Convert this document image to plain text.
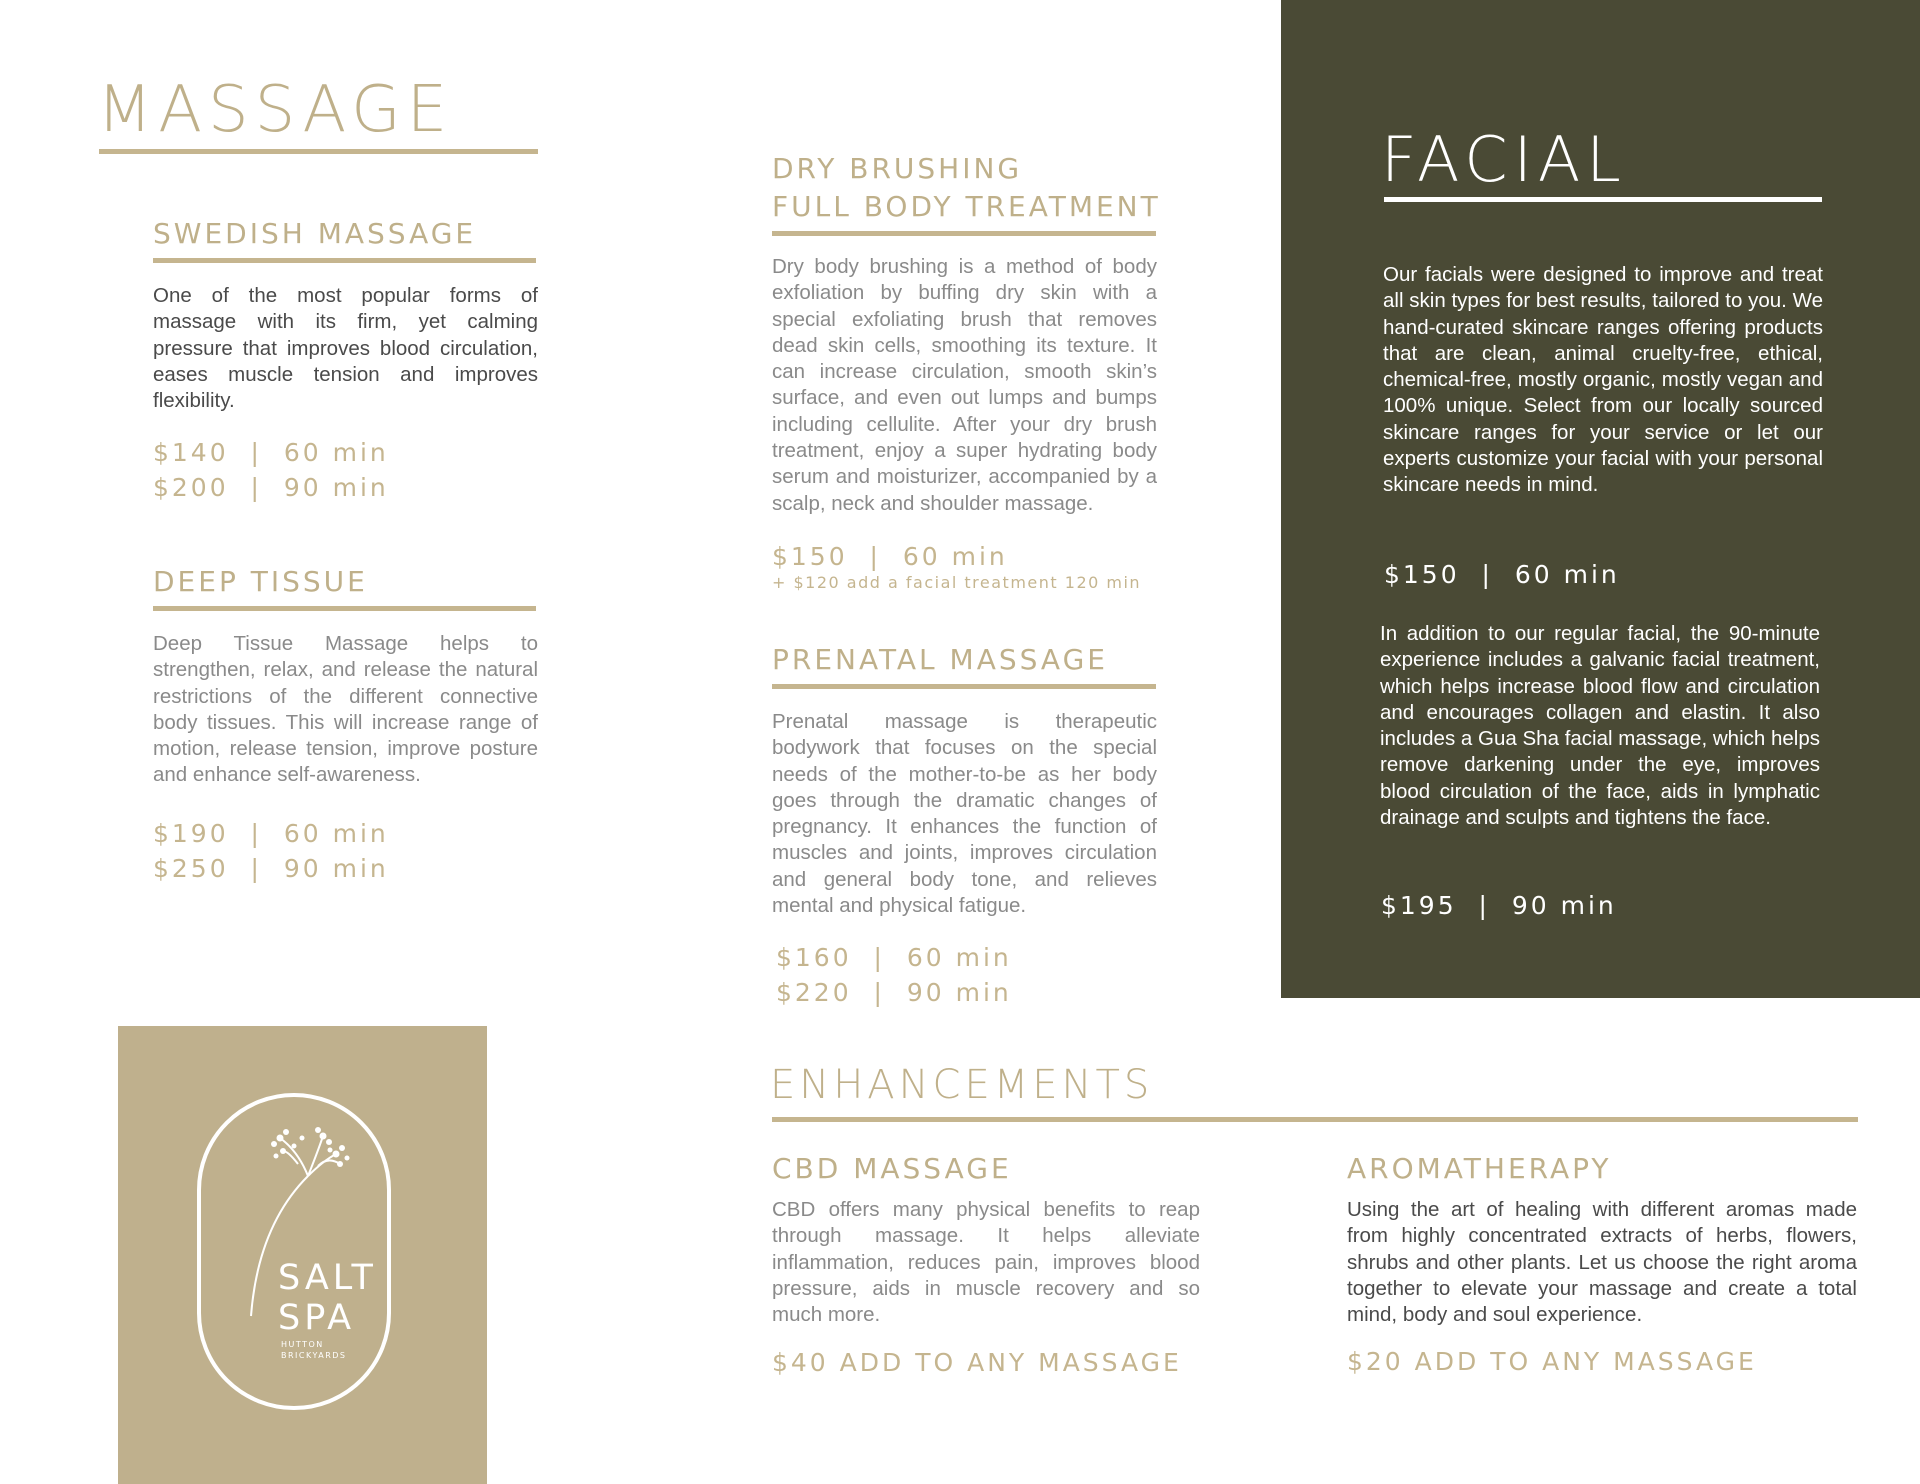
MASSAGE
SWEDISH MASSAGE
One of the most popular forms of massage with its firm, yet calming pressure that improves blood circulation, eases muscle tension and improves flexibility.
$140  |  60 min
$200  |  90 min
DEEP TISSUE
Deep Tissue Massage helps to strengthen, relax, and release the natural restrictions of the different connective body tissues. This will increase range of motion, release tension, improve posture and enhance self-awareness.
$190  |  60 min
$250  |  90 min
DRY BRUSHING
FULL BODY TREATMENT
Dry body brushing is a method of body exfoliation by buffing dry skin with a special exfoliating brush that removes dead skin cells, smoothing its texture. It can increase circulation, smooth skin’s surface, and even out lumps and bumps including cellulite. After your dry brush treatment, enjoy a super hydrating body serum and moisturizer, accompanied by a scalp, neck and shoulder massage.
$150  |  60 min
+ $120 add a facial treatment 120 min
PRENATAL MASSAGE
Prenatal massage is therapeutic bodywork that focuses on the special needs of the mother-to-be as her body goes through the dramatic changes of pregnancy. It enhances the function of muscles and joints, improves circulation and general body tone, and relieves mental and physical fatigue.
$160  |  60 min
$220  |  90 min
FACIAL
Our facials were designed to improve and treat all skin types for best results, tailored to you. We hand-curated skincare ranges offering products that are clean, animal cruelty-free, ethical, chemical-free, mostly organic, mostly vegan and 100% unique. Select from our locally sourced skincare ranges for your service or let our experts customize your facial with your personal skincare needs in mind.
$150  |  60 min
In addition to our regular facial, the 90-minute experience includes a galvanic facial treatment, which helps increase blood flow and circulation and encourages collagen and elastin. It also includes a Gua Sha facial massage, which helps remove darkening under the eye, improves blood circulation of the face, aids in lymphatic drainage and sculpts and tightens the face.
$195  |  90 min
ENHANCEMENTS
CBD MASSAGE
CBD offers many physical benefits to reap through massage. It helps alleviate inflammation, reduces pain, improves blood pressure, aids in muscle recovery and so much more.
$40 ADD TO ANY MASSAGE
AROMATHERAPY
Using the art of healing with different aromas made from highly concentrated extracts of herbs, flowers, shrubs and other plants. Let us choose the right aroma together to elevate your massage and create a total mind, body and soul experience.
$20 ADD TO ANY MASSAGE
SALT
SPA
HUTTON
BRICKYARDS
